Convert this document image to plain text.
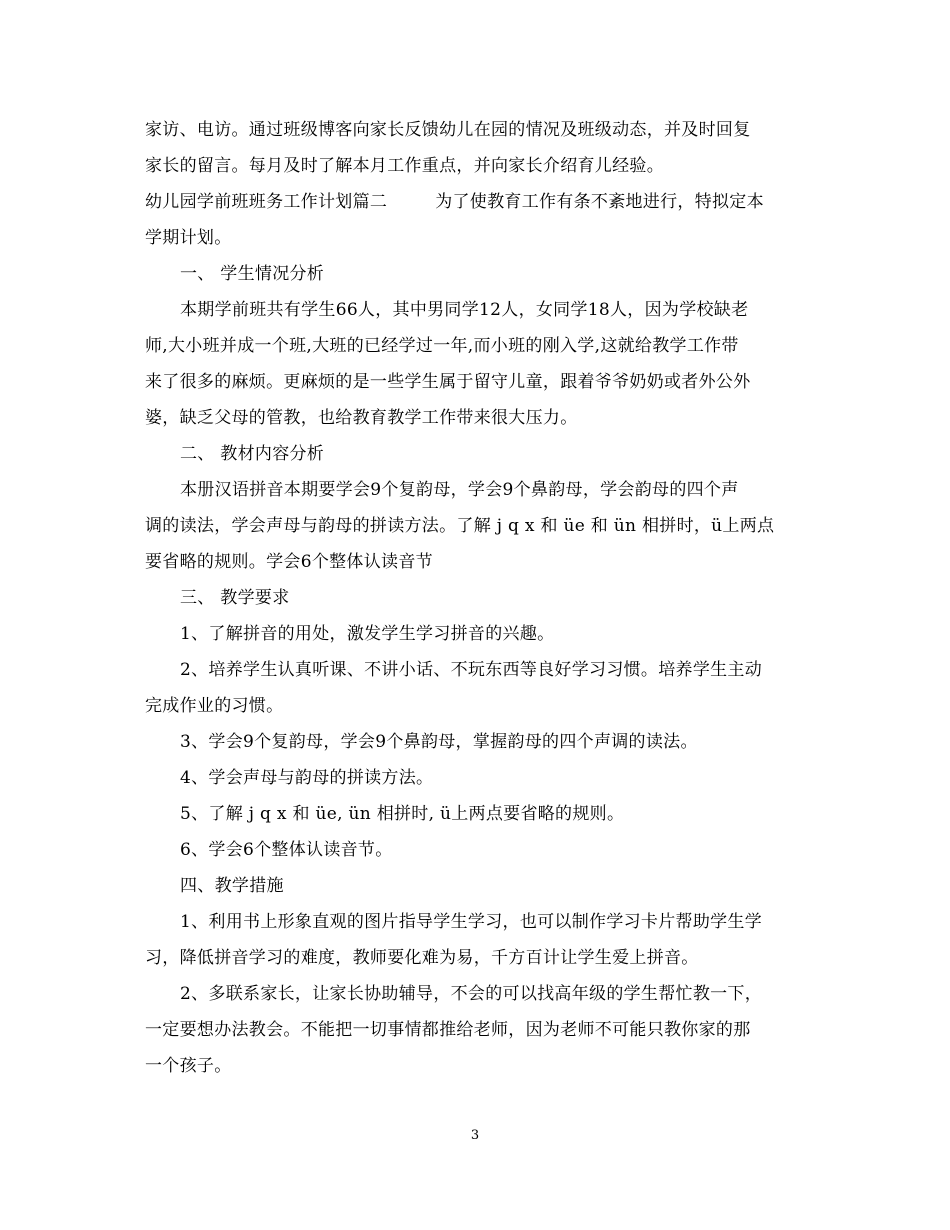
家访、电访。通过班级博客向家长反馈幼儿在园的情况及班级动态，并及时回复
家长的留言。每月及时了解本月工作重点，并向家长介绍育儿经验。
幼儿园学前班班务工作计划篇二	为了使教育工作有条不紊地进行，特拟定本
学期计划。
一、 学生情况分析
本期学前班共有学生66人，其中男同学12人，女同学18人，因为学校缺老
师,大小班并成一个班,大班的已经学过一年,而小班的刚入学,这就给教学工作带
来了很多的麻烦。更麻烦的是一些学生属于留守儿童，跟着爷爷奶奶或者外公外
婆，缺乏父母的管教，也给教育教学工作带来很大压力。
二、 教材内容分析
本册汉语拼音本期要学会9个复韵母，学会9个鼻韵母，学会韵母的四个声
调的读法，学会声母与韵母的拼读方法。了解 j q x 和 üe 和 ün 相拼时，ü上两点
要省略的规则。学会6个整体认读音节
三、 教学要求
1、了解拼音的用处，激发学生学习拼音的兴趣。
2、培养学生认真听课、不讲小话、不玩东西等良好学习习惯。培养学生主动
完成作业的习惯。
3、学会9个复韵母，学会9个鼻韵母，掌握韵母的四个声调的读法。
4、学会声母与韵母的拼读方法。
5、了解 j q x 和 üe, ün 相拼时, ü上两点要省略的规则。
6、学会6个整体认读音节。
四、教学措施
1、利用书上形象直观的图片指导学生学习，也可以制作学习卡片帮助学生学
习，降低拼音学习的难度，教师要化难为易，千方百计让学生爱上拼音。
2、多联系家长，让家长协助辅导，不会的可以找高年级的学生帮忙教一下，
一定要想办法教会。不能把一切事情都推给老师，因为老师不可能只教你家的那
一个孩子。
3
